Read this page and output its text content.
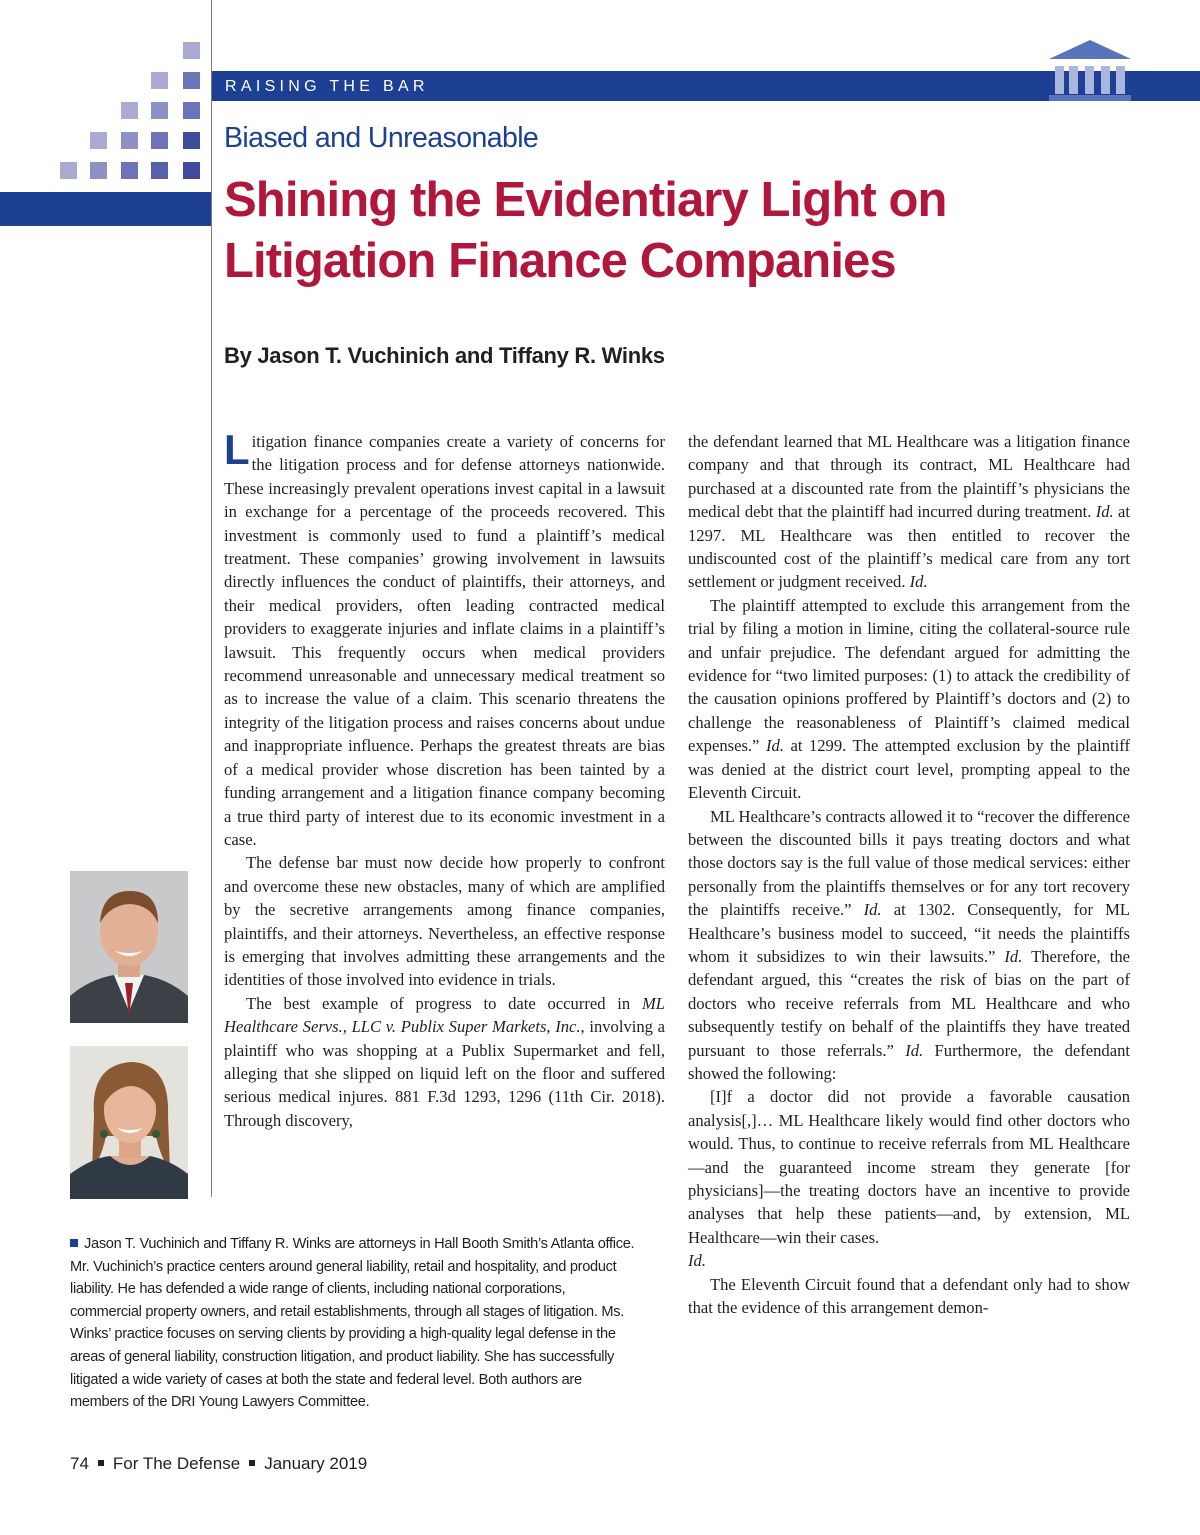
RAISING THE BAR
Biased and Unreasonable
Shining the Evidentiary Light on
Litigation Finance Companies
By Jason T. Vuchinich and Tiffany R. Winks

Litigation finance companies create a variety of concerns for the litigation process and for defense attorneys nationwide. These increasingly prevalent operations invest capital in a lawsuit in exchange for a percentage of the proceeds recovered. This investment is commonly used to fund a plaintiff’s medical treatment. These companies’ growing involvement in lawsuits directly influences the conduct of plaintiffs, their attorneys, and their medical providers, often leading contracted medical providers to exaggerate injuries and inflate claims in a plaintiff’s lawsuit. This frequently occurs when medical providers recommend unreasonable and unnecessary medical treatment so as to increase the value of a claim. This scenario threatens the integrity of the litigation process and raises concerns about undue and inappropriate influence. Perhaps the greatest threats are bias of a medical provider whose discretion has been tainted by a funding arrangement and a litigation finance company becoming a true third party of interest due to its economic investment in a case.

The defense bar must now decide how properly to confront and overcome these new obstacles, many of which are amplified by the secretive arrangements among finance companies, plaintiffs, and their attorneys. Nevertheless, an effective response is emerging that involves admitting these arrangements and the identities of those involved into evidence in trials.

The best example of progress to date occurred in ML Healthcare Servs., LLC v. Publix Super Markets, Inc., involving a plaintiff who was shopping at a Publix Supermarket and fell, alleging that she slipped on liquid left on the floor and suffered serious medical injures. 881 F.3d 1293, 1296 (11th Cir. 2018). Through discovery,

the defendant learned that ML Healthcare was a litigation finance company and that through its contract, ML Healthcare had purchased at a discounted rate from the plaintiff’s physicians the medical debt that the plaintiff had incurred during treatment. Id. at 1297. ML Healthcare was then entitled to recover the undiscounted cost of the plaintiff’s medical care from any tort settlement or judgment received. Id.

The plaintiff attempted to exclude this arrangement from the trial by filing a motion in limine, citing the collateral-source rule and unfair prejudice. The defendant argued for admitting the evidence for “two limited purposes: (1) to attack the credibility of the causation opinions proffered by Plaintiff’s doctors and (2) to challenge the reasonableness of Plaintiff’s claimed medical expenses.” Id. at 1299. The attempted exclusion by the plaintiff was denied at the district court level, prompting appeal to the Eleventh Circuit.

ML Healthcare’s contracts allowed it to “recover the difference between the discounted bills it pays treating doctors and what those doctors say is the full value of those medical services: either personally from the plaintiffs themselves or for any tort recovery the plaintiffs receive.” Id. at 1302. Consequently, for ML Healthcare’s business model to succeed, “it needs the plaintiffs whom it subsidizes to win their lawsuits.” Id. Therefore, the defendant argued, this “creates the risk of bias on the part of doctors who receive referrals from ML Healthcare and who subsequently testify on behalf of the plaintiffs they have treated pursuant to those referrals.” Id. Furthermore, the defendant showed the following:

[I]f a doctor did not provide a favorable causation analysis[,]… ML Healthcare likely would find other doctors who would. Thus, to continue to receive referrals from ML Healthcare—and the guaranteed income stream they generate [for physicians]—the treating doctors have an incentive to provide analyses that help these patients—and, by extension, ML Healthcare—win their cases.

Id.

The Eleventh Circuit found that a defendant only had to show that the evidence of this arrangement demon-

Jason T. Vuchinich and Tiffany R. Winks are attorneys in Hall Booth Smith’s Atlanta office. Mr. Vuchinich’s practice centers around general liability, retail and hospitality, and product liability. He has defended a wide range of clients, including national corporations, commercial property owners, and retail establishments, through all stages of litigation. Ms. Winks’ practice focuses on serving clients by providing a high-quality legal defense in the areas of general liability, construction litigation, and product liability. She has successfully litigated a wide variety of cases at both the state and federal level. Both authors are members of the DRI Young Lawyers Committee.
74 For The Defense January 2019
